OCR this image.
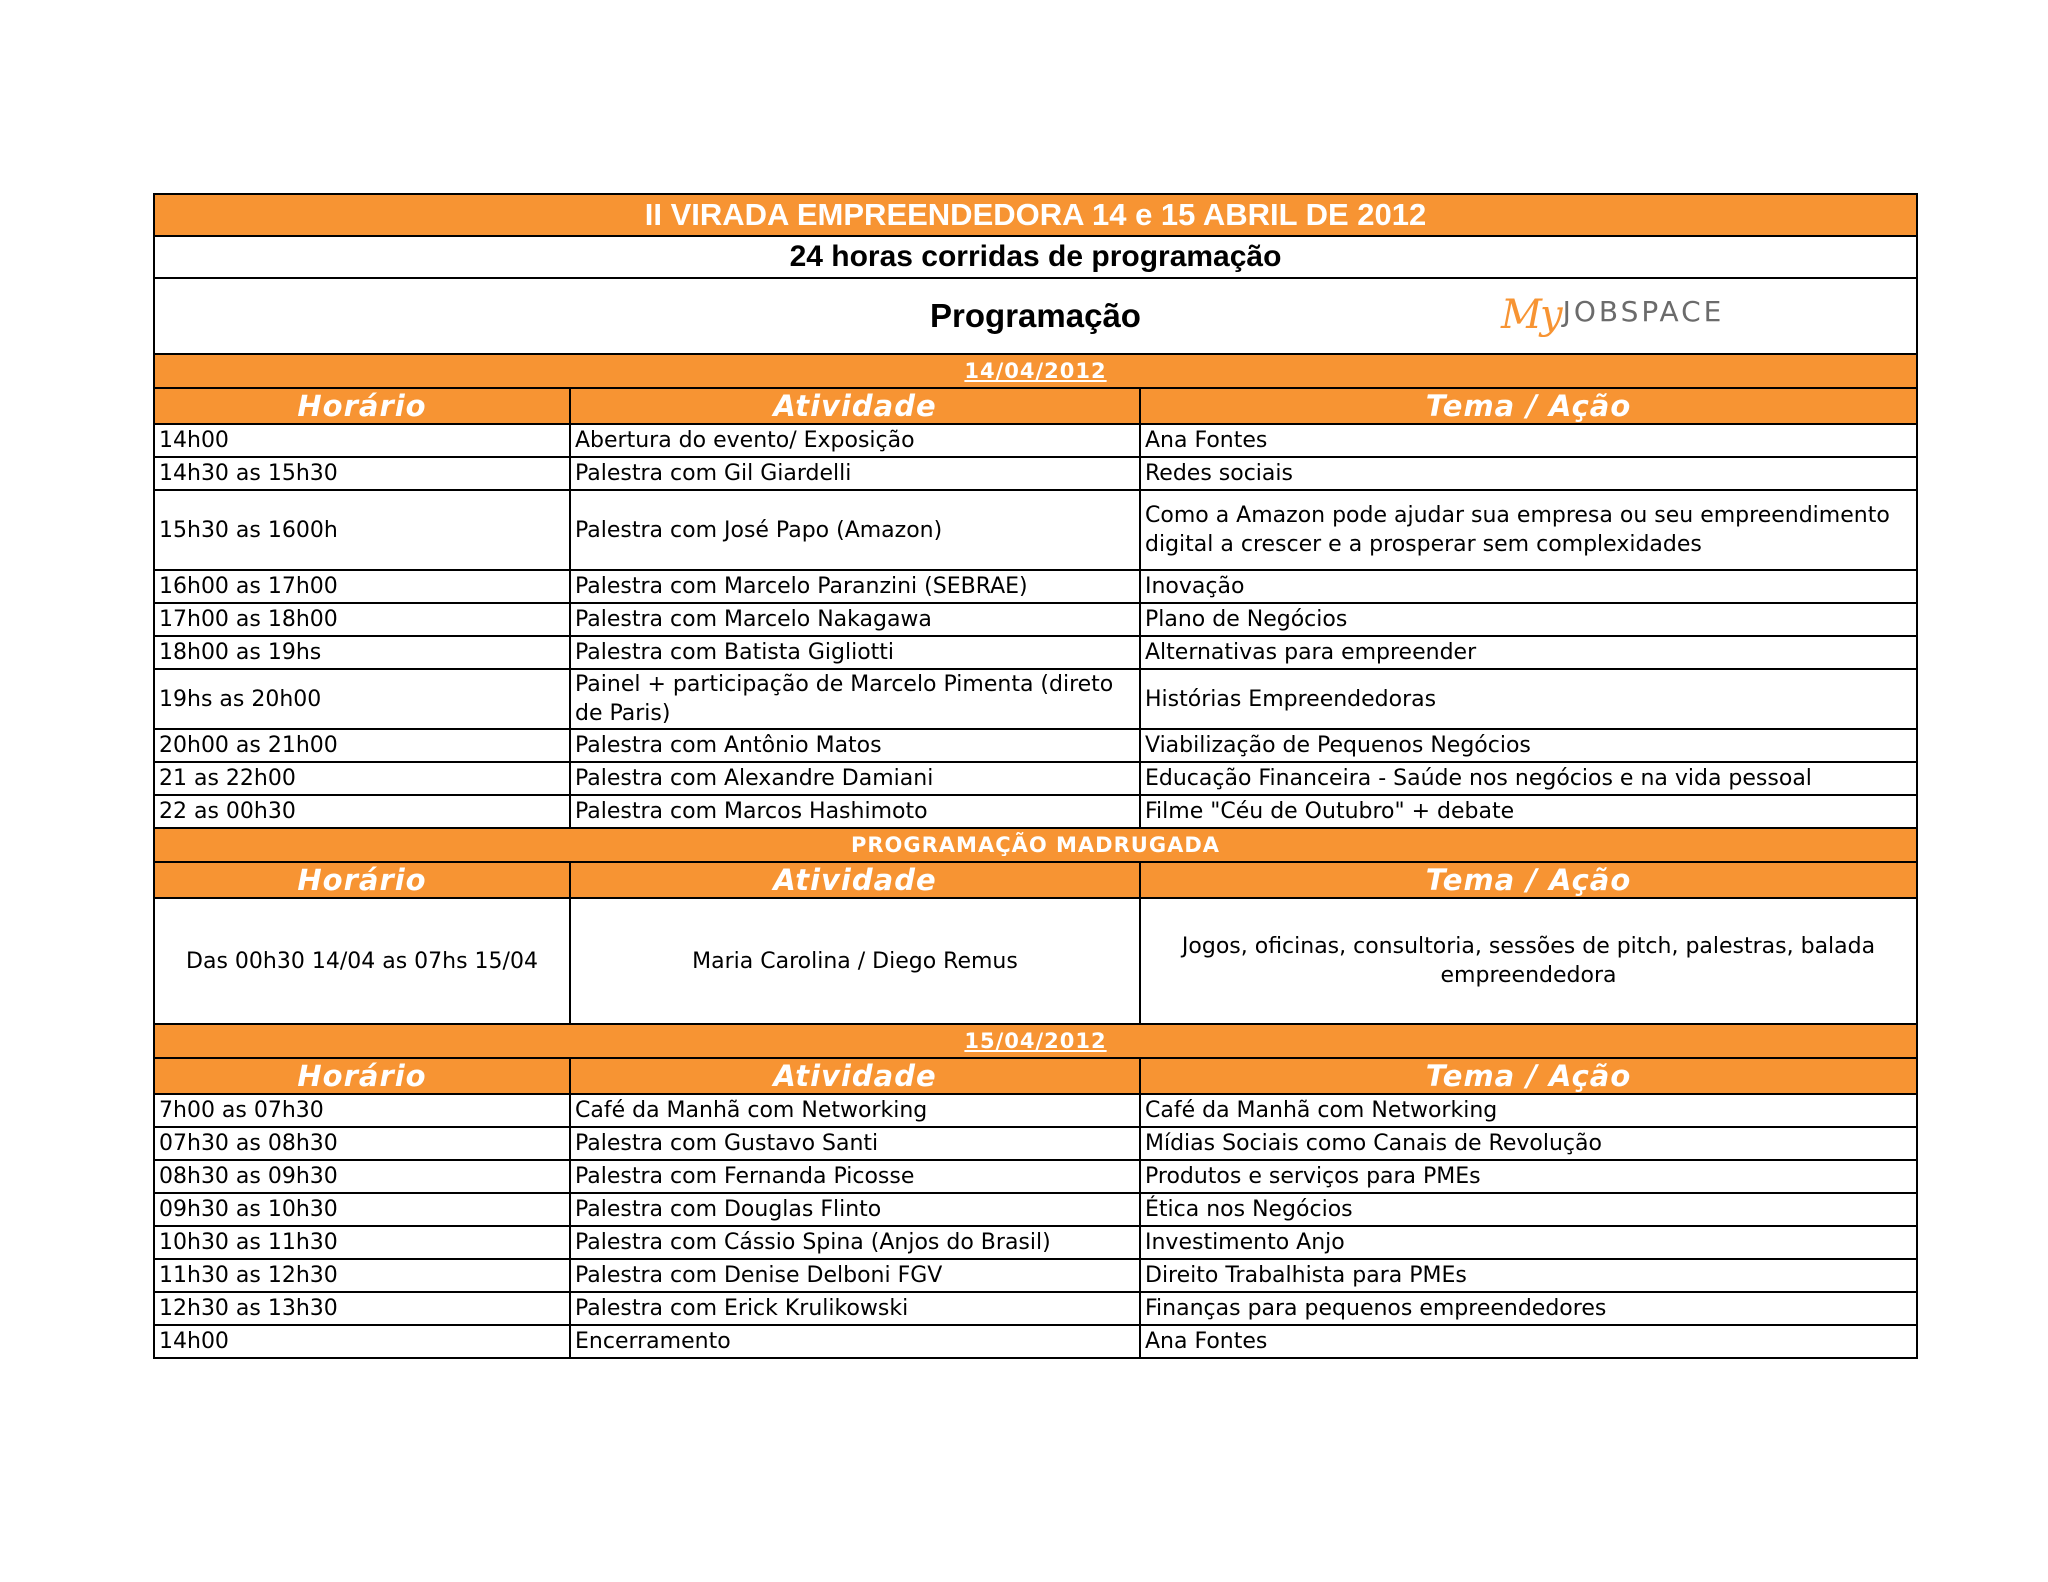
II VIRADA EMPREENDEDORA 14 e 15 ABRIL DE 2012		
24 horas corridas de programação		

Programação My JOBSPACE		

14/04/2012		
Horário	Atividade	Tema / Ação
14h00	Abertura do evento/ Exposição	Ana Fontes
14h30 as 15h30	Palestra com Gil Giardelli	Redes sociais
15h30 as 1600h	Palestra com José Papo (Amazon)	Como a Amazon pode ajudar sua empresa ou seu empreendimento digital a crescer e a prosperar sem complexidades
16h00 as 17h00	Palestra com Marcelo Paranzini (SEBRAE)	Inovação
17h00 as 18h00	Palestra com Marcelo Nakagawa	Plano de Negócios
18h00 as 19hs	Palestra com Batista Gigliotti	Alternativas para empreender
19hs as 20h00	Painel + participação de Marcelo Pimenta (direto de Paris)	Histórias Empreendedoras
20h00 as 21h00	Palestra com Antônio Matos	Viabilização de Pequenos Negócios
21 as 22h00	Palestra com Alexandre Damiani	Educação Financeira - Saúde nos negócios e na vida pessoal
22 as 00h30	Palestra com Marcos Hashimoto	Filme "Céu de Outubro" + debate
PROGRAMAÇÃO MADRUGADA		
Horário	Atividade	Tema / Ação
Das 00h30 14/04 as 07hs 15/04	Maria Carolina / Diego Remus	Jogos, oficinas, consultoria, sessões de pitch, palestras, balada empreendedora
15/04/2012		
Horário	Atividade	Tema / Ação
7h00 as 07h30	Café da Manhã com Networking	Café da Manhã com Networking
07h30 as 08h30	Palestra com Gustavo Santi	Mídias Sociais como Canais de Revolução
08h30 as 09h30	Palestra com Fernanda Picosse	Produtos e serviços para PMEs
09h30 as 10h30	Palestra com Douglas Flinto	Ética nos Negócios
10h30 as 11h30	Palestra com Cássio Spina (Anjos do Brasil)	Investimento Anjo
11h30 as 12h30	Palestra com Denise Delboni FGV	Direito Trabalhista para PMEs
12h30 as 13h30	Palestra com Erick Krulikowski	Finanças para pequenos empreendedores
14h00	Encerramento	Ana Fontes
